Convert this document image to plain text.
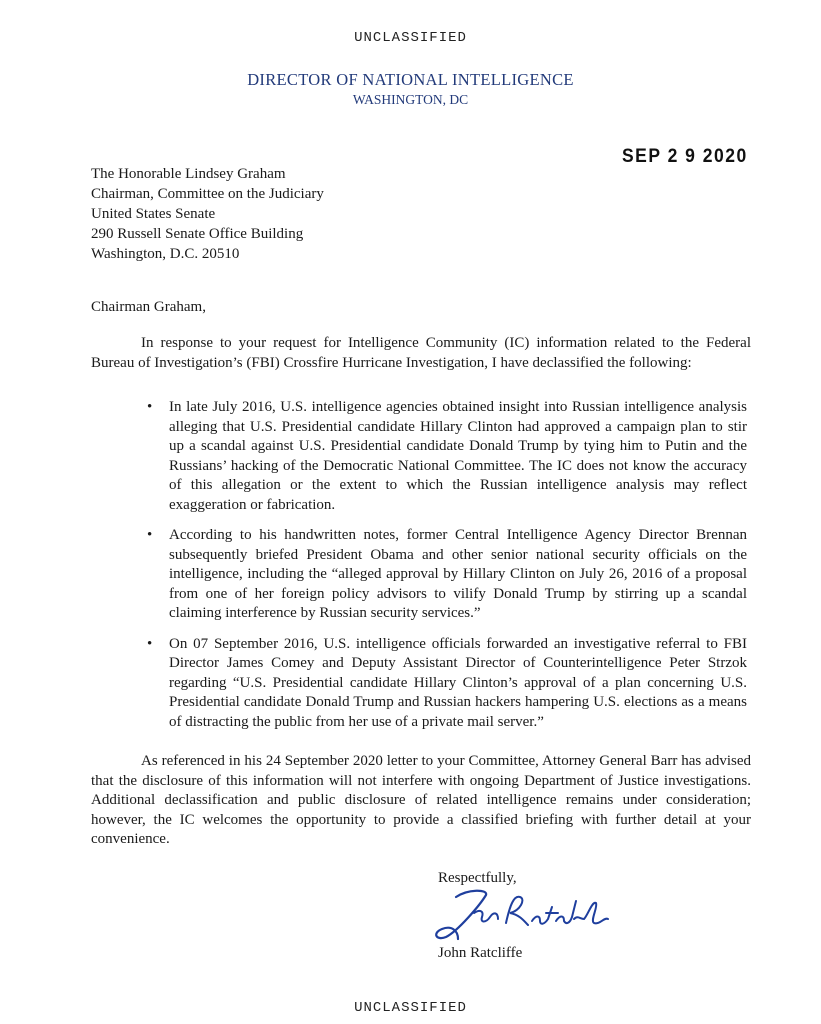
UNCLASSIFIED
DIRECTOR OF NATIONAL INTELLIGENCE
WASHINGTON, DC
SEP 2 9 2020
The Honorable Lindsey Graham
Chairman, Committee on the Judiciary
United States Senate
290 Russell Senate Office Building
Washington, D.C. 20510
Chairman Graham,
In response to your request for Intelligence Community (IC) information related to the Federal Bureau of Investigation’s (FBI) Crossfire Hurricane Investigation, I have declassified the following:
• In late July 2016, U.S. intelligence agencies obtained insight into Russian intelligence analysis alleging that U.S. Presidential candidate Hillary Clinton had approved a campaign plan to stir up a scandal against U.S. Presidential candidate Donald Trump by tying him to Putin and the Russians’ hacking of the Democratic National Committee. The IC does not know the accuracy of this allegation or the extent to which the Russian intelligence analysis may reflect exaggeration or fabrication.
• According to his handwritten notes, former Central Intelligence Agency Director Brennan subsequently briefed President Obama and other senior national security officials on the intelligence, including the “alleged approval by Hillary Clinton on July 26, 2016 of a proposal from one of her foreign policy advisors to vilify Donald Trump by stirring up a scandal claiming interference by Russian security services.”
• On 07 September 2016, U.S. intelligence officials forwarded an investigative referral to FBI Director James Comey and Deputy Assistant Director of Counterintelligence Peter Strzok regarding “U.S. Presidential candidate Hillary Clinton’s approval of a plan concerning U.S. Presidential candidate Donald Trump and Russian hackers hampering U.S. elections as a means of distracting the public from her use of a private mail server.”
As referenced in his 24 September 2020 letter to your Committee, Attorney General Barr has advised that the disclosure of this information will not interfere with ongoing Department of Justice investigations. Additional declassification and public disclosure of related intelligence remains under consideration; however, the IC welcomes the opportunity to provide a classified briefing with further detail at your convenience.
Respectfully,
John Ratcliffe
UNCLASSIFIED
